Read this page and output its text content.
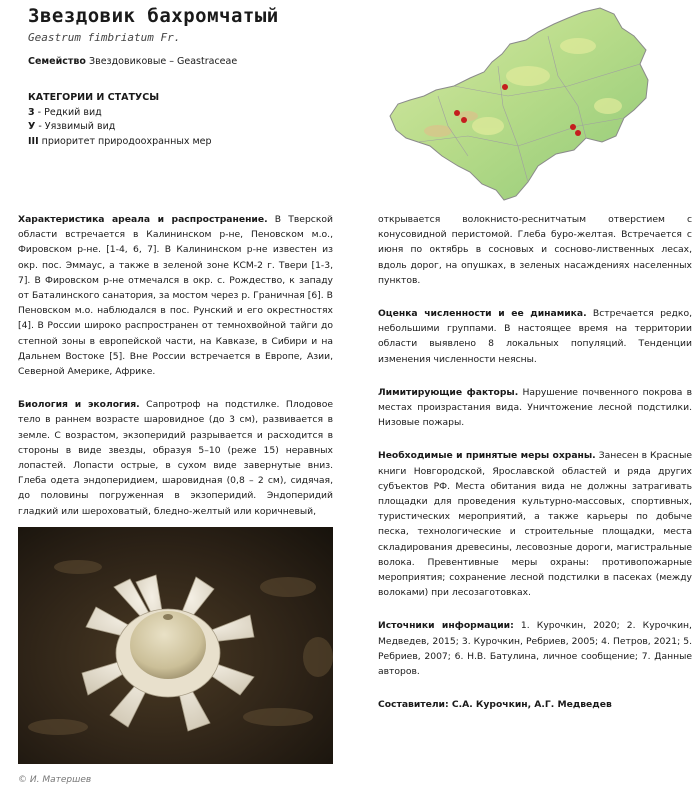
Звездовик бахромчатый
Geastrum fimbriatum Fr.
Семейство Звездовиковые – Geastraceae
КАТЕГОРИИ И СТАТУСЫ
3 - Редкий вид
У - Уязвимый вид
III приоритет природоохранных мер

Характеристика ареала и распространение. В Тверской области встречается в Калининском р-не, Пеновском м.о., Фировском р-не. [1-4, 6, 7]. В Калининском р-не известен из окр. пос. Эммаус, а также в зеленой зоне КСМ-2 г. Твери [1-3, 7]. В Фировском р-не отмечался в окр. с. Рождество, к западу от Баталинского санатория, за мостом через р. Граничная [6]. В Пеновском м.о. наблюдался в пос. Рунский и его окрестностях [4]. В России широко распространен от темнохвойной тайги до степной зоны в европейской части, на Кавказе, в Сибири и на Дальнем Востоке [5]. Вне России встречается в Европе, Азии, Северной Америке, Африке.

Биология и экология. Сапротроф на подстилке. Плодовое тело в раннем возрасте шаровидное (до 3 см), развивается в земле. С возрастом, экзоперидий разрывается и расходится в стороны в виде звезды, образуя 5–10 (реже 15) неравных лопастей. Лопасти острые, в сухом виде завернутые вниз. Глеба одета эндоперидием, шаровидная (0,8 – 2 см), сидячая, до половины погруженная в экзоперидий. Эндоперидий гладкий или шероховатый, бледно-желтый или коричневый,

© И. Матершев

открывается волокнисто-реснитчатым отверстием с конусовидной перистомой. Глеба буро-желтая. Встречается с июня по октябрь в сосновых и сосново-лиственных лесах, вдоль дорог, на опушках, в зеленых насаждениях населенных пунктов.

Оценка численности и ее динамика. Встречается редко, небольшими группами. В настоящее время на территории области выявлено 8 локальных популяций. Тенденции изменения численности неясны.

Лимитирующие факторы. Нарушение почвенного покрова в местах произрастания вида. Уничтожение лесной подстилки. Низовые пожары.

Необходимые и принятые меры охраны. Занесен в Красные книги Новгородской, Ярославской областей и ряда других субъектов РФ. Места обитания вида не должны затрагивать площадки для проведения культурно-массовых, спортивных, туристических мероприятий, а также карьеры по добыче песка, технологические и строительные площадки, места складирования древесины, лесовозные дороги, магистральные волока. Превентивные меры охраны: противопожарные мероприятия; сохранение лесной подстилки в пасеках (между волоками) при лесозаготовках.

Источники информации: 1. Курочкин, 2020; 2. Курочкин, Медведев, 2015; 3. Курочкин, Ребриев, 2005; 4. Петров, 2021; 5. Ребриев, 2007; 6. Н.В. Батулина, личное сообщение; 7. Данные авторов.

Составители: С.А. Курочкин, А.Г. Медведев
